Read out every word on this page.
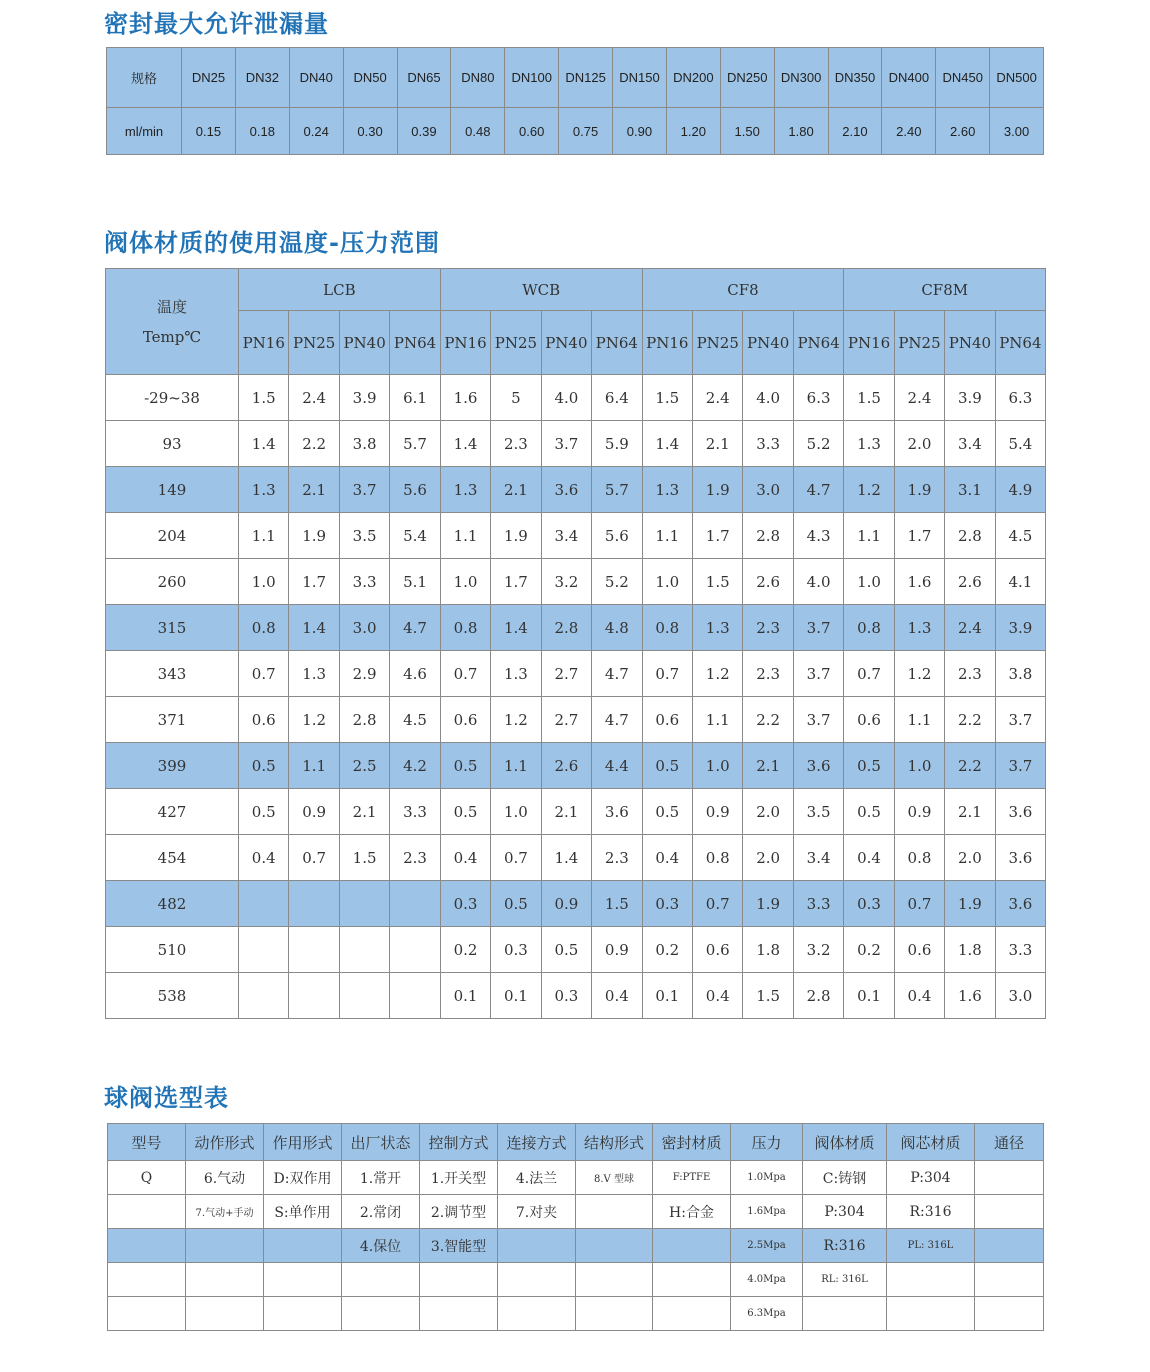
密封最大允许泄漏量
规格	DN25	DN32	DN40	DN50	DN65	DN80	DN100	DN125	DN150	DN200	DN250	DN300	DN350	DN400	DN450	DN500
ml/min	0.15	0.18	0.24	0.30	0.39	0.48	0.60	0.75	0.90	1.20	1.50	1.80	2.10	2.40	2.60	3.00
阀体材质的使用温度-压力范围
温度
Temp℃	LCB				WCB				CF8				CF8M			
	PN16	PN25	PN40	PN64	PN16	PN25	PN40	PN64	PN16	PN25	PN40	PN64	PN16	PN25	PN40	PN64
-29~38	1.5	2.4	3.9	6.1	1.6	5	4.0	6.4	1.5	2.4	4.0	6.3	1.5	2.4	3.9	6.3
93	1.4	2.2	3.8	5.7	1.4	2.3	3.7	5.9	1.4	2.1	3.3	5.2	1.3	2.0	3.4	5.4
149	1.3	2.1	3.7	5.6	1.3	2.1	3.6	5.7	1.3	1.9	3.0	4.7	1.2	1.9	3.1	4.9
204	1.1	1.9	3.5	5.4	1.1	1.9	3.4	5.6	1.1	1.7	2.8	4.3	1.1	1.7	2.8	4.5
260	1.0	1.7	3.3	5.1	1.0	1.7	3.2	5.2	1.0	1.5	2.6	4.0	1.0	1.6	2.6	4.1
315	0.8	1.4	3.0	4.7	0.8	1.4	2.8	4.8	0.8	1.3	2.3	3.7	0.8	1.3	2.4	3.9
343	0.7	1.3	2.9	4.6	0.7	1.3	2.7	4.7	0.7	1.2	2.3	3.7	0.7	1.2	2.3	3.8
371	0.6	1.2	2.8	4.5	0.6	1.2	2.7	4.7	0.6	1.1	2.2	3.7	0.6	1.1	2.2	3.7
399	0.5	1.1	2.5	4.2	0.5	1.1	2.6	4.4	0.5	1.0	2.1	3.6	0.5	1.0	2.2	3.7
427	0.5	0.9	2.1	3.3	0.5	1.0	2.1	3.6	0.5	0.9	2.0	3.5	0.5	0.9	2.1	3.6
454	0.4	0.7	1.5	2.3	0.4	0.7	1.4	2.3	0.4	0.8	2.0	3.4	0.4	0.8	2.0	3.6
482					0.3	0.5	0.9	1.5	0.3	0.7	1.9	3.3	0.3	0.7	1.9	3.6
510					0.2	0.3	0.5	0.9	0.2	0.6	1.8	3.2	0.2	0.6	1.8	3.3
538					0.1	0.1	0.3	0.4	0.1	0.4	1.5	2.8	0.1	0.4	1.6	3.0
球阀选型表
型号	动作形式	作用形式	出厂状态	控制方式	连接方式	结构形式	密封材质	压力	阀体材质	阀芯材质	通径
Q	6.气动	D:双作用	1.常开	1.开关型	4.法兰	8.V 型球	F:PTFE	1.0Mpa	C:铸钢	P:304	
	7.气动+手动	S:单作用	2.常闭	2.调节型	7.对夹		H:合金	1.6Mpa	P:304	R:316	
			4.保位	3.智能型				2.5Mpa	R:316	PL: 316L	
								4.0Mpa	RL: 316L		
								6.3Mpa			
